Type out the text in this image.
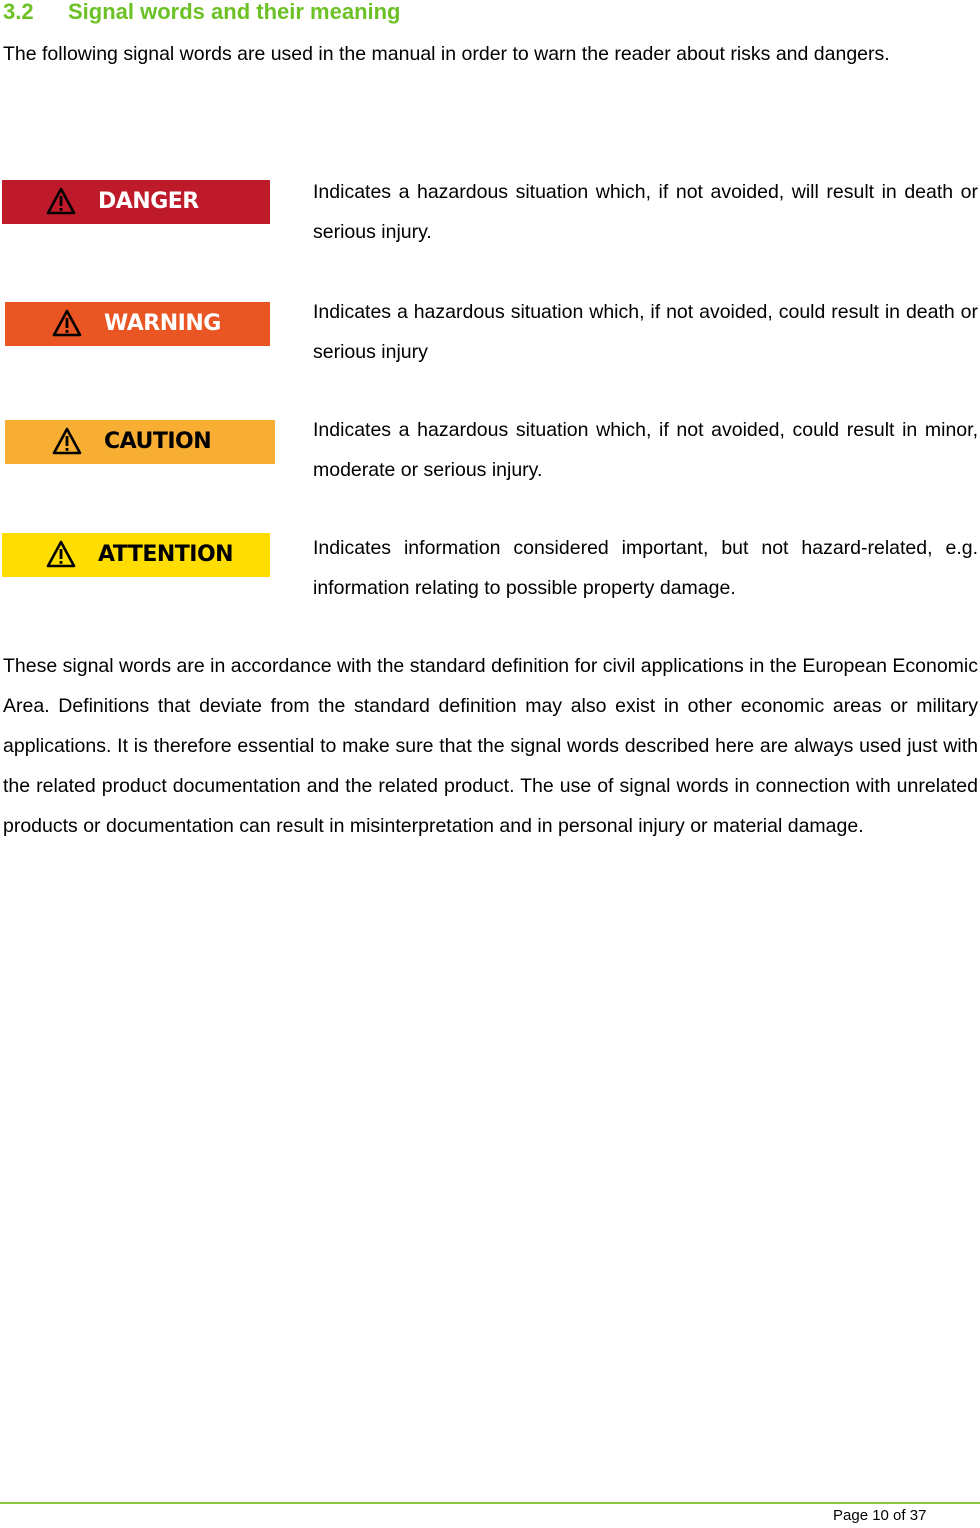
3.2 Signal words and their meaning

The following signal words are used in the manual in order to warn the reader about risks and dangers.

DANGER	Indicates a hazardous situation which, if not avoided, will result in death or serious injury.

WARNING	Indicates a hazardous situation which, if not avoided, could result in death or serious injury

CAUTION	Indicates a hazardous situation which, if not avoided, could result in minor, moderate or serious injury.

ATTENTION	Indicates information considered important, but not hazard-related, e.g. information relating to possible property damage.

These signal words are in accordance with the standard definition for civil applications in the European Economic Area. Definitions that deviate from the standard definition may also exist in other economic areas or military applications. It is therefore essential to make sure that the signal words described here are always used just with the related product documentation and the related product. The use of signal words in connection with unrelated products or documentation can result in misinterpretation and in personal injury or material damage.

Page 10 of 37
